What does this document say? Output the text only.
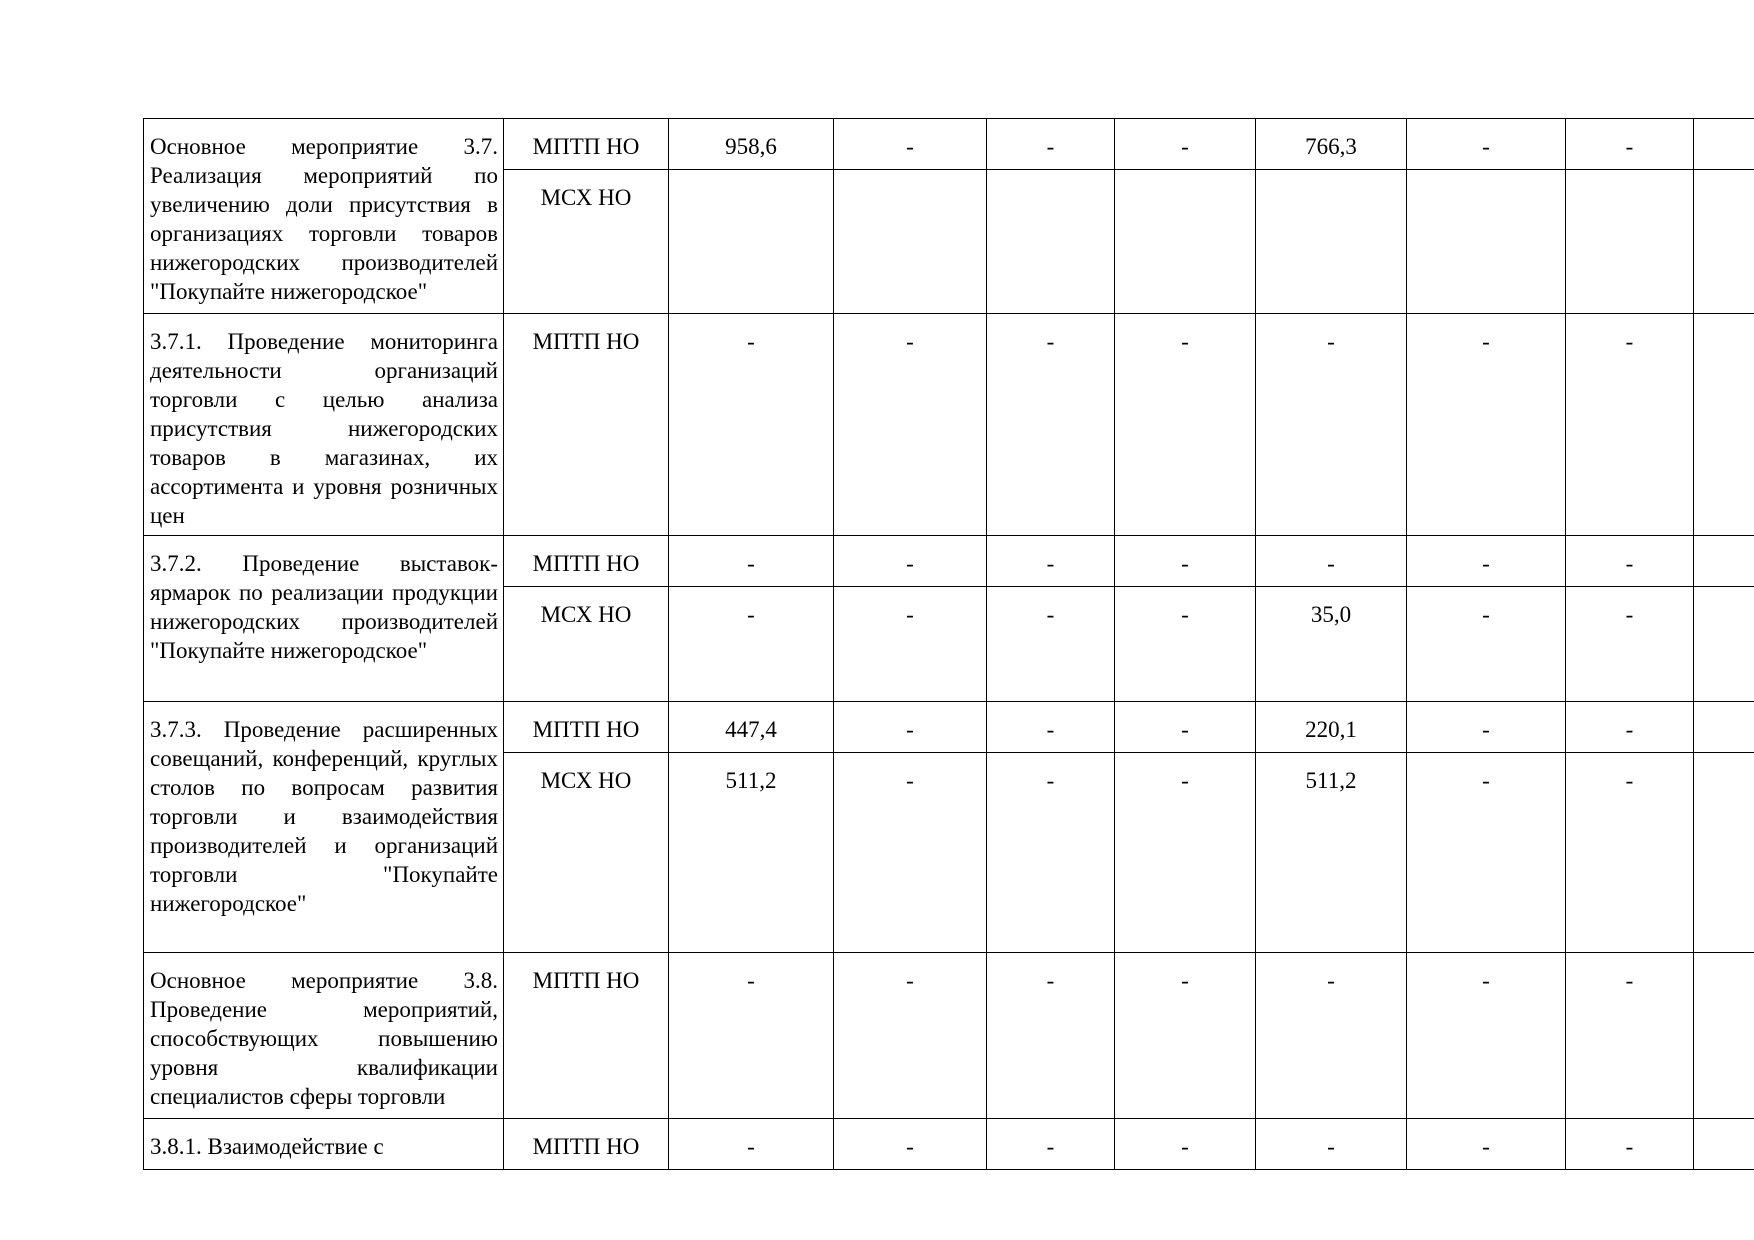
Основное мероприятие 3.7. Реализация мероприятий по увеличению доли присутствия в организациях торговли товаров нижегородских производителей "Покупайте нижегородское"	МПТП НО	958,6	-	-	-	766,3	-	-	
	МСХ НО								

3.7.1. Проведение мониторинга деятельности организаций торговли с целью анализа присутствия нижегородских товаров в магазинах, их ассортимента и уровня розничных цен	МПТП НО	-	-	-	-	-	-	-	

3.7.2. Проведение выставок-ярмарок по реализации продукции нижегородских производителей "Покупайте нижегородское"	МПТП НО	-	-	-	-	-	-	-	
	МСХ НО	-	-	-	-	35,0	-	-	

3.7.3. Проведение расширенных совещаний, конференций, круглых столов по вопросам развития торговли и взаимодействия производителей и организаций торговли "Покупайте нижегородское"	МПТП НО	447,4	-	-	-	220,1	-	-	
	МСХ НО	511,2	-	-	-	511,2	-	-	

Основное мероприятие 3.8. Проведение мероприятий, способствующих повышению уровня квалификации специалистов сферы торговли	МПТП НО	-	-	-	-	-	-	-	

3.8.1. Взаимодействие с	МПТП НО	-	-	-	-	-	-	-	
